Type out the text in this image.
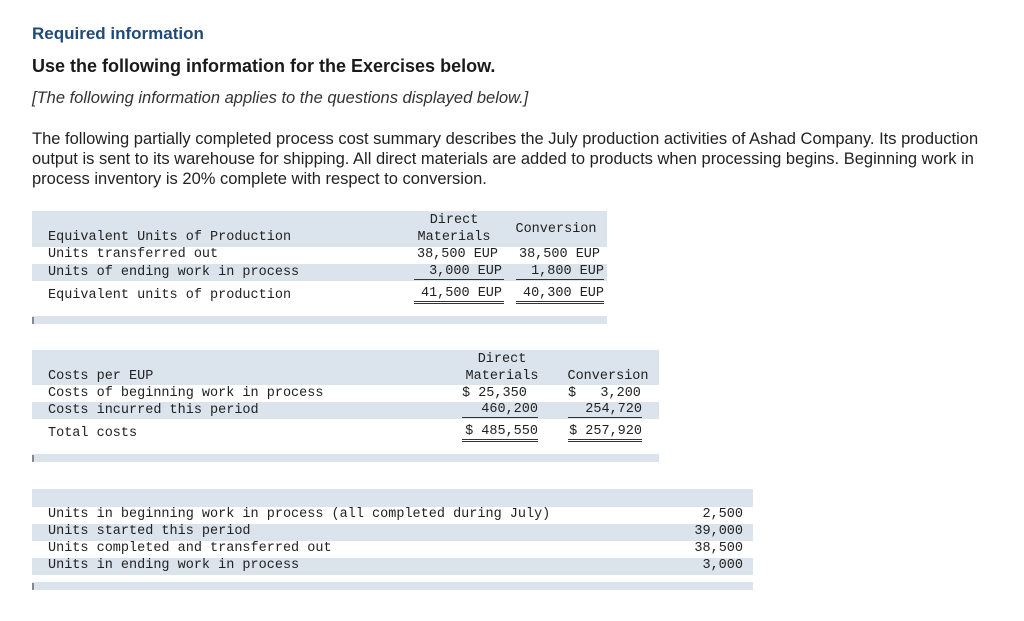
Required information
Use the following information for the Exercises below.
[The following information applies to the questions displayed below.]
The following partially completed process cost summary describes the July production activities of Ashad Company. Its production output is sent to its warehouse for shipping. All direct materials are added to products when processing begins. Beginning work in process inventory is 20% complete with respect to conversion.
Direct
Materials
Conversion
Equivalent Units of Production
Units transferred out	38,500 EUP 38,500 EUP
Units of ending work in process	3,000 EUP	1,800 EUP
Equivalent units of production	41,500 EUP	40,300 EUP
Direct
Materials	Conversion
Costs per EUP
Costs of beginning work in process	$ 25,350	$   3,200
Costs incurred this period	460,200	254,720
Total costs	$ 485,550 $ 257,920
Units in beginning work in process (all completed during July)	2,500
Units started this period	39,000
Units completed and transferred out	38,500
Units in ending work in process	3,000
